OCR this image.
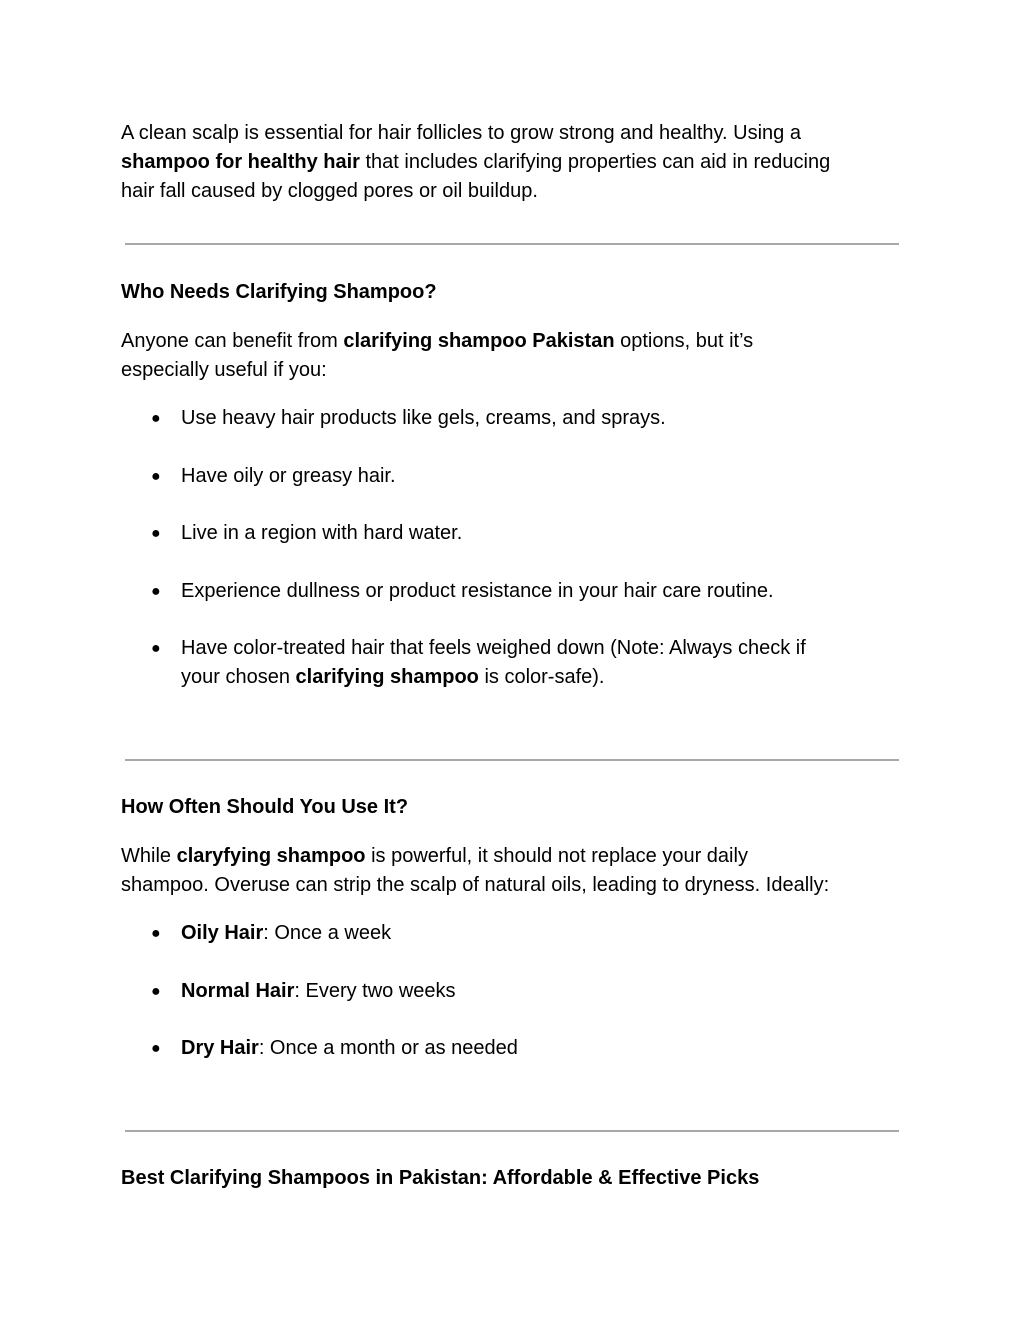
A clean scalp is essential for hair follicles to grow strong and healthy. Using a
shampoo for healthy hair that includes clarifying properties can aid in reducing
hair fall caused by clogged pores or oil buildup.
Who Needs Clarifying Shampoo?
Anyone can benefit from clarifying shampoo Pakistan options, but it’s
especially useful if you:
●	Use heavy hair products like gels, creams, and sprays.
●	Have oily or greasy hair.
●	Live in a region with hard water.
●	Experience dullness or product resistance in your hair care routine.
●	Have color-treated hair that feels weighed down (Note: Always check if
your chosen clarifying shampoo is color-safe).
How Often Should You Use It?
While claryfying shampoo is powerful, it should not replace your daily
shampoo. Overuse can strip the scalp of natural oils, leading to dryness. Ideally:
●	Oily Hair: Once a week
●	Normal Hair: Every two weeks
●	Dry Hair: Once a month or as needed
Best Clarifying Shampoos in Pakistan: Affordable & Effective Picks
